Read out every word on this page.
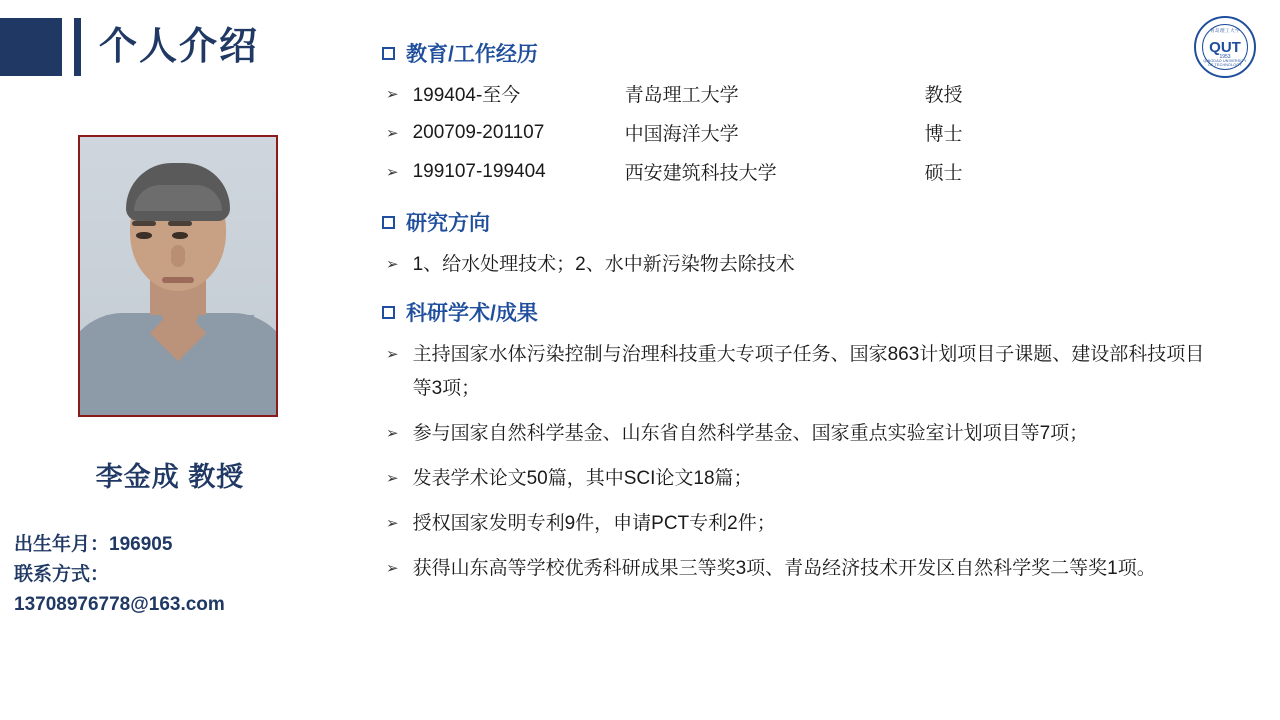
个人介绍	青岛理工大学
QUT
1953
QINGDAO UNIVERSITY OF TECHNOLOGY
李金成 教授
出生年月：196905
联系方式：
13708976778@163.com
教育/工作经历
➢ 199404-至今	青岛理工大学	教授
➢ 200709-201107	中国海洋大学	博士
➢ 199107-199404	西安建筑科技大学	硕士
研究方向
➢ 1、给水处理技术；2、水中新污染物去除技术
科研学术/成果
➢ 主持国家水体污染控制与治理科技重大专项子任务、国家863计划项目子课题、建设部科技项目等3项；
➢ 参与国家自然科学基金、山东省自然科学基金、国家重点实验室计划项目等7项；
➢ 发表学术论文50篇，其中SCI论文18篇；
➢ 授权国家发明专利9件，申请PCT专利2件；
➢ 获得山东高等学校优秀科研成果三等奖3项、青岛经济技术开发区自然科学奖二等奖1项。
